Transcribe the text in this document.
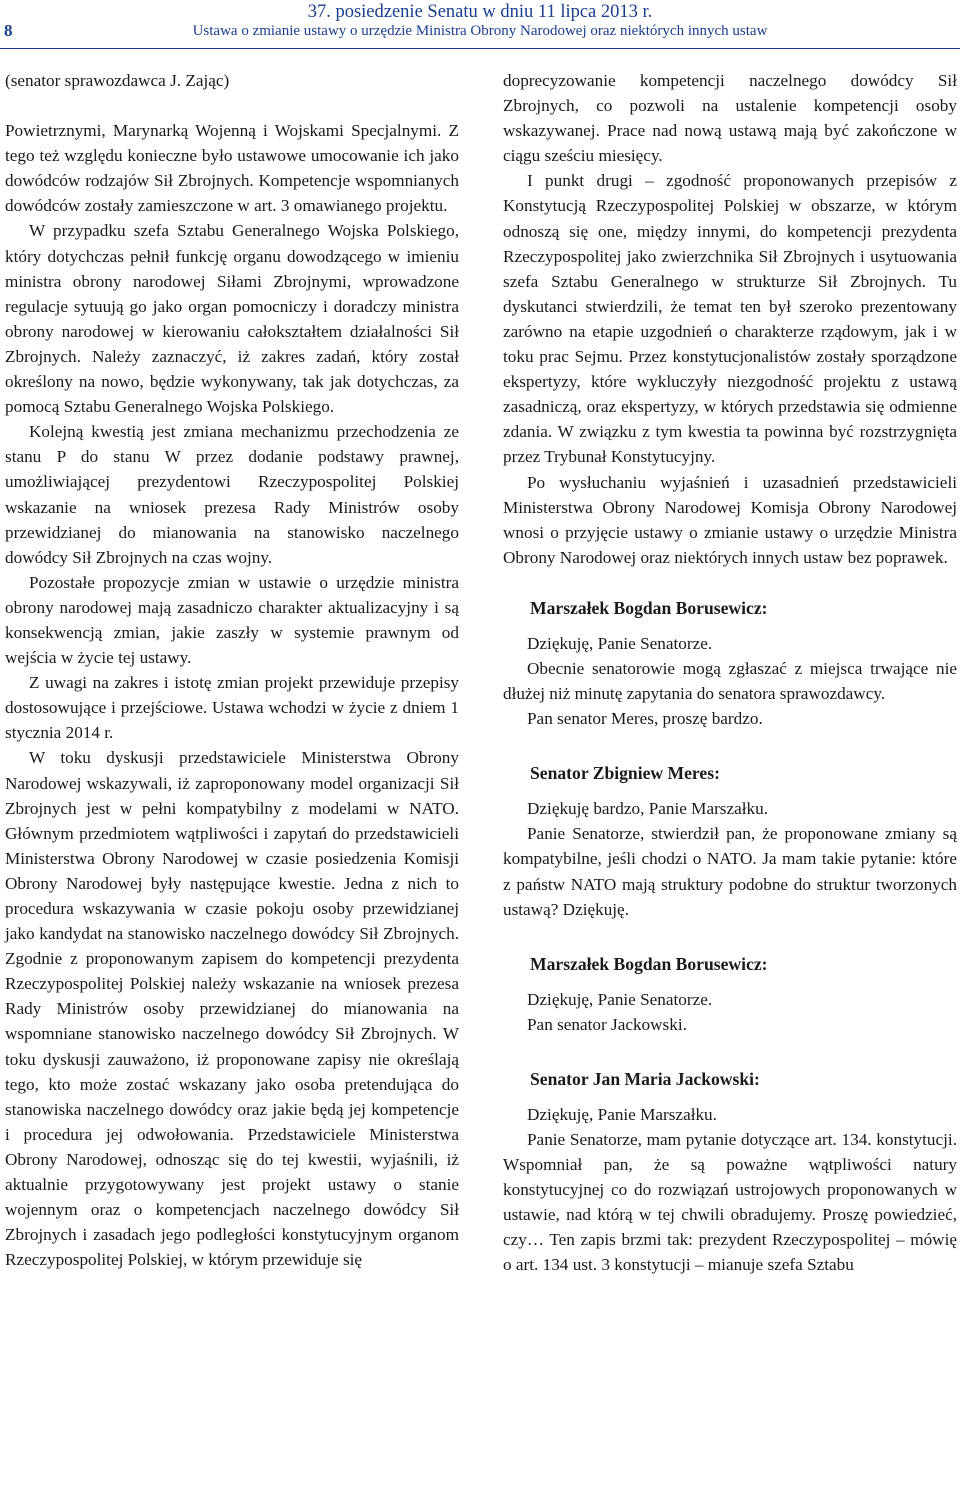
8
37. posiedzenie Senatu w dniu 11 lipca 2013 r.
Ustawa o zmianie ustawy o urzędzie Ministra Obrony Narodowej oraz niektórych innych ustaw

(senator sprawozdawca J. Zając)

Powietrznymi, Marynarką Wojenną i Wojskami Specjalnymi. Z tego też względu konieczne było ustawowe umocowanie ich jako dowódców rodzajów Sił Zbrojnych. Kompetencje wspomnianych dowódców zostały zamieszczone w art. 3 omawianego projektu.

W przypadku szefa Sztabu Generalnego Wojska Polskiego, który dotychczas pełnił funkcję organu dowodzącego w imieniu ministra obrony narodowej Siłami Zbrojnymi, wprowadzone regulacje sytuują go jako organ pomocniczy i doradczy ministra obrony narodowej w kierowaniu całokształtem działalności Sił Zbrojnych. Należy zaznaczyć, iż zakres zadań, który został określony na nowo, będzie wykonywany, tak jak dotychczas, za pomocą Sztabu Generalnego Wojska Polskiego.

Kolejną kwestią jest zmiana mechanizmu przechodzenia ze stanu P do stanu W przez dodanie podstawy prawnej, umożliwiającej prezydentowi Rzeczypospolitej Polskiej wskazanie na wniosek prezesa Rady Ministrów osoby przewidzianej do mianowania na stanowisko naczelnego dowódcy Sił Zbrojnych na czas wojny.

Pozostałe propozycje zmian w ustawie o urzędzie ministra obrony narodowej mają zasadniczo charakter aktualizacyjny i są konsekwencją zmian, jakie zaszły w systemie prawnym od wejścia w życie tej ustawy.

Z uwagi na zakres i istotę zmian projekt przewiduje przepisy dostosowujące i przejściowe. Ustawa wchodzi w życie z dniem 1 stycznia 2014 r.

W toku dyskusji przedstawiciele Ministerstwa Obrony Narodowej wskazywali, iż zaproponowany model organizacji Sił Zbrojnych jest w pełni kompatybilny z modelami w NATO. Głównym przedmiotem wątpliwości i zapytań do przedstawicieli Ministerstwa Obrony Narodowej w czasie posiedzenia Komisji Obrony Narodowej były następujące kwestie. Jedna z nich to procedura wskazywania w czasie pokoju osoby przewidzianej jako kandydat na stanowisko naczelnego dowódcy Sił Zbrojnych. Zgodnie z proponowanym zapisem do kompetencji prezydenta Rzeczypospolitej Polskiej należy wskazanie na wniosek prezesa Rady Ministrów osoby przewidzianej do mianowania na wspomniane stanowisko naczelnego dowódcy Sił Zbrojnych. W toku dyskusji zauważono, iż proponowane zapisy nie określają tego, kto może zostać wskazany jako osoba pretendująca do stanowiska naczelnego dowódcy oraz jakie będą jej kompetencje i procedura jej odwołowania. Przedstawiciele Ministerstwa Obrony Narodowej, odnosząc się do tej kwestii, wyjaśnili, iż aktualnie przygotowywany jest projekt ustawy o stanie wojennym oraz o kompetencjach naczelnego dowódcy Sił Zbrojnych i zasadach jego podległości konstytucyjnym organom Rzeczypospolitej Polskiej, w którym przewiduje się

doprecyzowanie kompetencji naczelnego dowódcy Sił Zbrojnych, co pozwoli na ustalenie kompetencji osoby wskazywanej. Prace nad nową ustawą mają być zakończone w ciągu sześciu miesięcy.

I punkt drugi – zgodność proponowanych przepisów z Konstytucją Rzeczypospolitej Polskiej w obszarze, w którym odnoszą się one, między innymi, do kompetencji prezydenta Rzeczypospolitej jako zwierzchnika Sił Zbrojnych i usytuowania szefa Sztabu Generalnego w strukturze Sił Zbrojnych. Tu dyskutanci stwierdzili, że temat ten był szeroko prezentowany zarówno na etapie uzgodnień o charakterze rządowym, jak i w toku prac Sejmu. Przez konstytucjonalistów zostały sporządzone ekspertyzy, które wykluczyły niezgodność projektu z ustawą zasadniczą, oraz ekspertyzy, w których przedstawia się odmienne zdania. W związku z tym kwestia ta powinna być rozstrzygnięta przez Trybunał Konstytucyjny.

Po wysłuchaniu wyjaśnień i uzasadnień przedstawicieli Ministerstwa Obrony Narodowej Komisja Obrony Narodowej wnosi o przyjęcie ustawy o zmianie ustawy o urzędzie Ministra Obrony Narodowej oraz niektórych innych ustaw bez poprawek.

Marszałek Bogdan Borusewicz:

Dziękuję, Panie Senatorze.

Obecnie senatorowie mogą zgłaszać z miejsca trwające nie dłużej niż minutę zapytania do senatora sprawozdawcy.

Pan senator Meres, proszę bardzo.

Senator Zbigniew Meres:

Dziękuję bardzo, Panie Marszałku.

Panie Senatorze, stwierdził pan, że proponowane zmiany są kompatybilne, jeśli chodzi o NATO. Ja mam takie pytanie: które z państw NATO mają struktury podobne do struktur tworzonych ustawą? Dziękuję.

Marszałek Bogdan Borusewicz:

Dziękuję, Panie Senatorze.

Pan senator Jackowski.

Senator Jan Maria Jackowski:

Dziękuję, Panie Marszałku.

Panie Senatorze, mam pytanie dotyczące art. 134. konstytucji. Wspomniał pan, że są poważne wątpliwości natury konstytucyjnej co do rozwiązań ustrojowych proponowanych w ustawie, nad którą w tej chwili obradujemy. Proszę powiedzieć, czy… Ten zapis brzmi tak: prezydent Rzeczypospolitej – mówię o art. 134 ust. 3 konstytucji – mianuje szefa Sztabu
